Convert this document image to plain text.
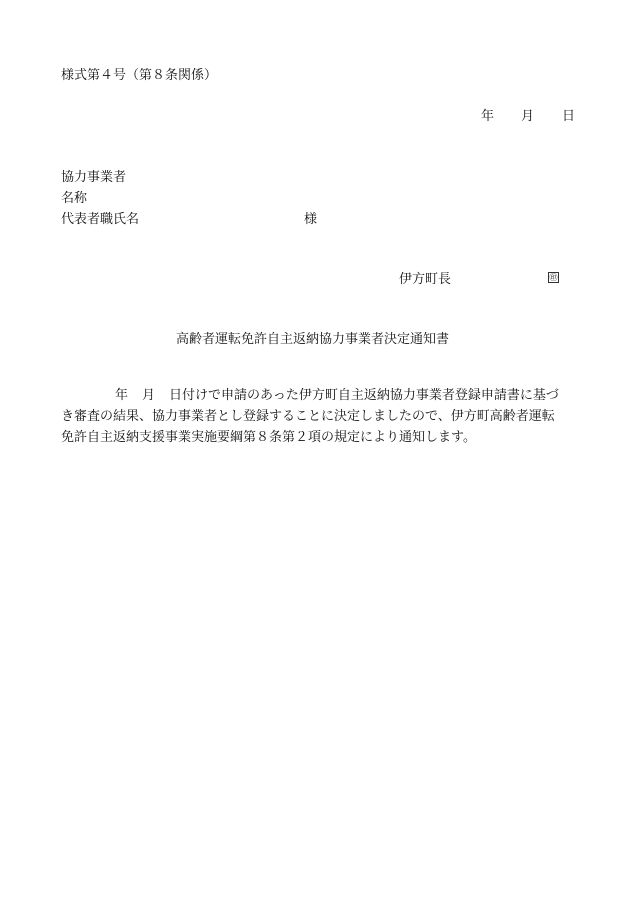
様式第４号（第８条関係）
年 月 日
協力事業者
名称
代表者職氏名	様
伊方町長	㊞
高齢者運転免許自主返納協力事業者決定通知書
年 月 日付けで申請のあった伊方町自主返納協力事業者登録申請書に基づ
き審査の結果、協力事業者とし登録することに決定しましたので、伊方町高齢者運転
免許自主返納支援事業実施要綱第８条第２項の規定により通知します。
